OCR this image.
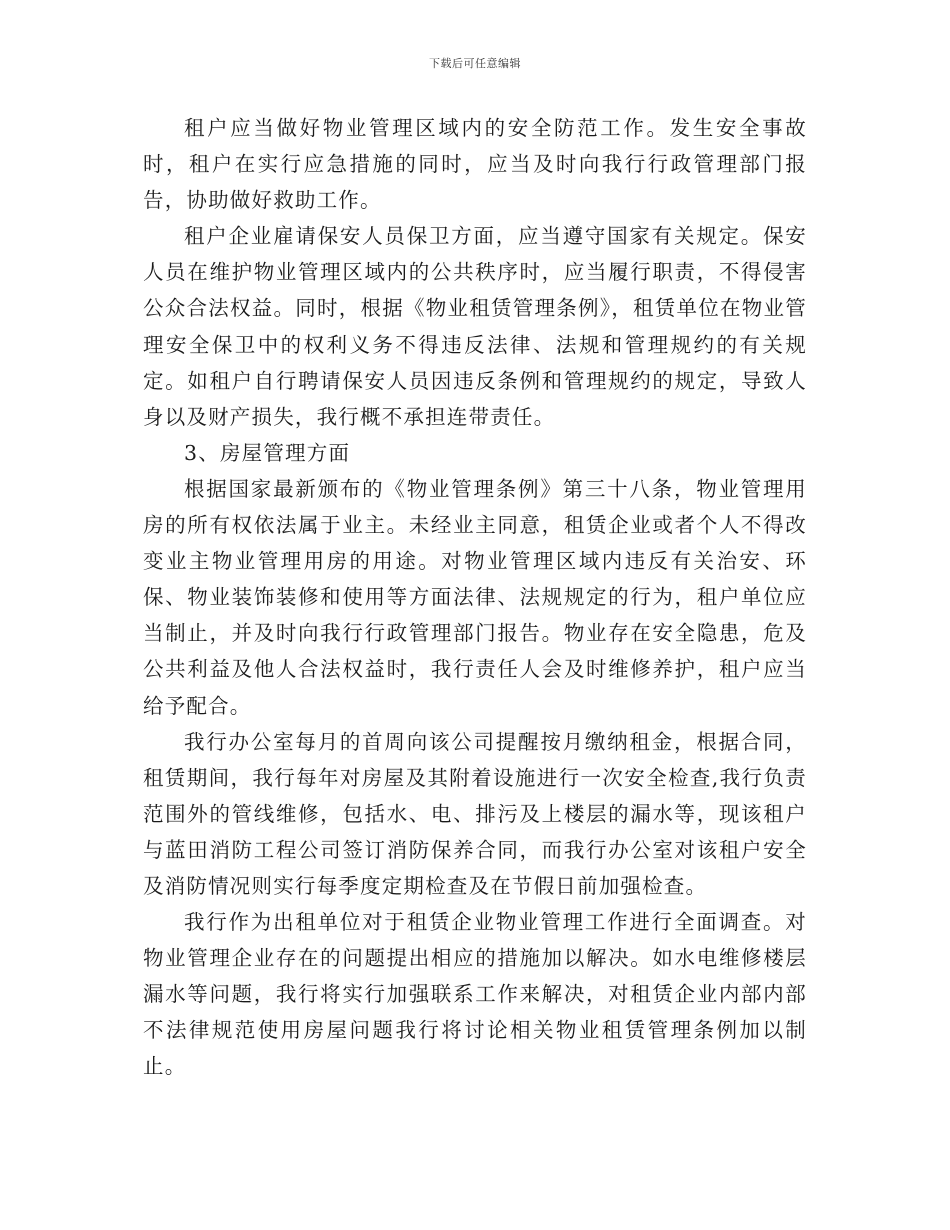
下载后可任意编辑

租户应当做好物业管理区域内的安全防范工作。发生安全事故时，租户在实行应急措施的同时，应当及时向我行行政管理部门报告，协助做好救助工作。

租户企业雇请保安人员保卫方面，应当遵守国家有关规定。保安人员在维护物业管理区域内的公共秩序时，应当履行职责，不得侵害公众合法权益。同时，根据《物业租赁管理条例》，租赁单位在物业管理安全保卫中的权利义务不得违反法律、法规和管理规约的有关规定。如租户自行聘请保安人员因违反条例和管理规约的规定，导致人身以及财产损失，我行概不承担连带责任。

3、房屋管理方面

根据国家最新颁布的《物业管理条例》第三十八条，物业管理用房的所有权依法属于业主。未经业主同意，租赁企业或者个人不得改变业主物业管理用房的用途。对物业管理区域内违反有关治安、环保、物业装饰装修和使用等方面法律、法规规定的行为，租户单位应当制止，并及时向我行行政管理部门报告。物业存在安全隐患，危及公共利益及他人合法权益时，我行责任人会及时维修养护，租户应当给予配合。

我行办公室每月的首周向该公司提醒按月缴纳租金，根据合同，租赁期间，我行每年对房屋及其附着设施进行一次安全检查,我行负责范围外的管线维修，包括水、电、排污及上楼层的漏水等，现该租户与蓝田消防工程公司签订消防保养合同，而我行办公室对该租户安全及消防情况则实行每季度定期检查及在节假日前加强检查。

我行作为出租单位对于租赁企业物业管理工作进行全面调查。对物业管理企业存在的问题提出相应的措施加以解决。如水电维修楼层漏水等问题，我行将实行加强联系工作来解决，对租赁企业内部内部不法律规范使用房屋问题我行将讨论相关物业租赁管理条例加以制止。
